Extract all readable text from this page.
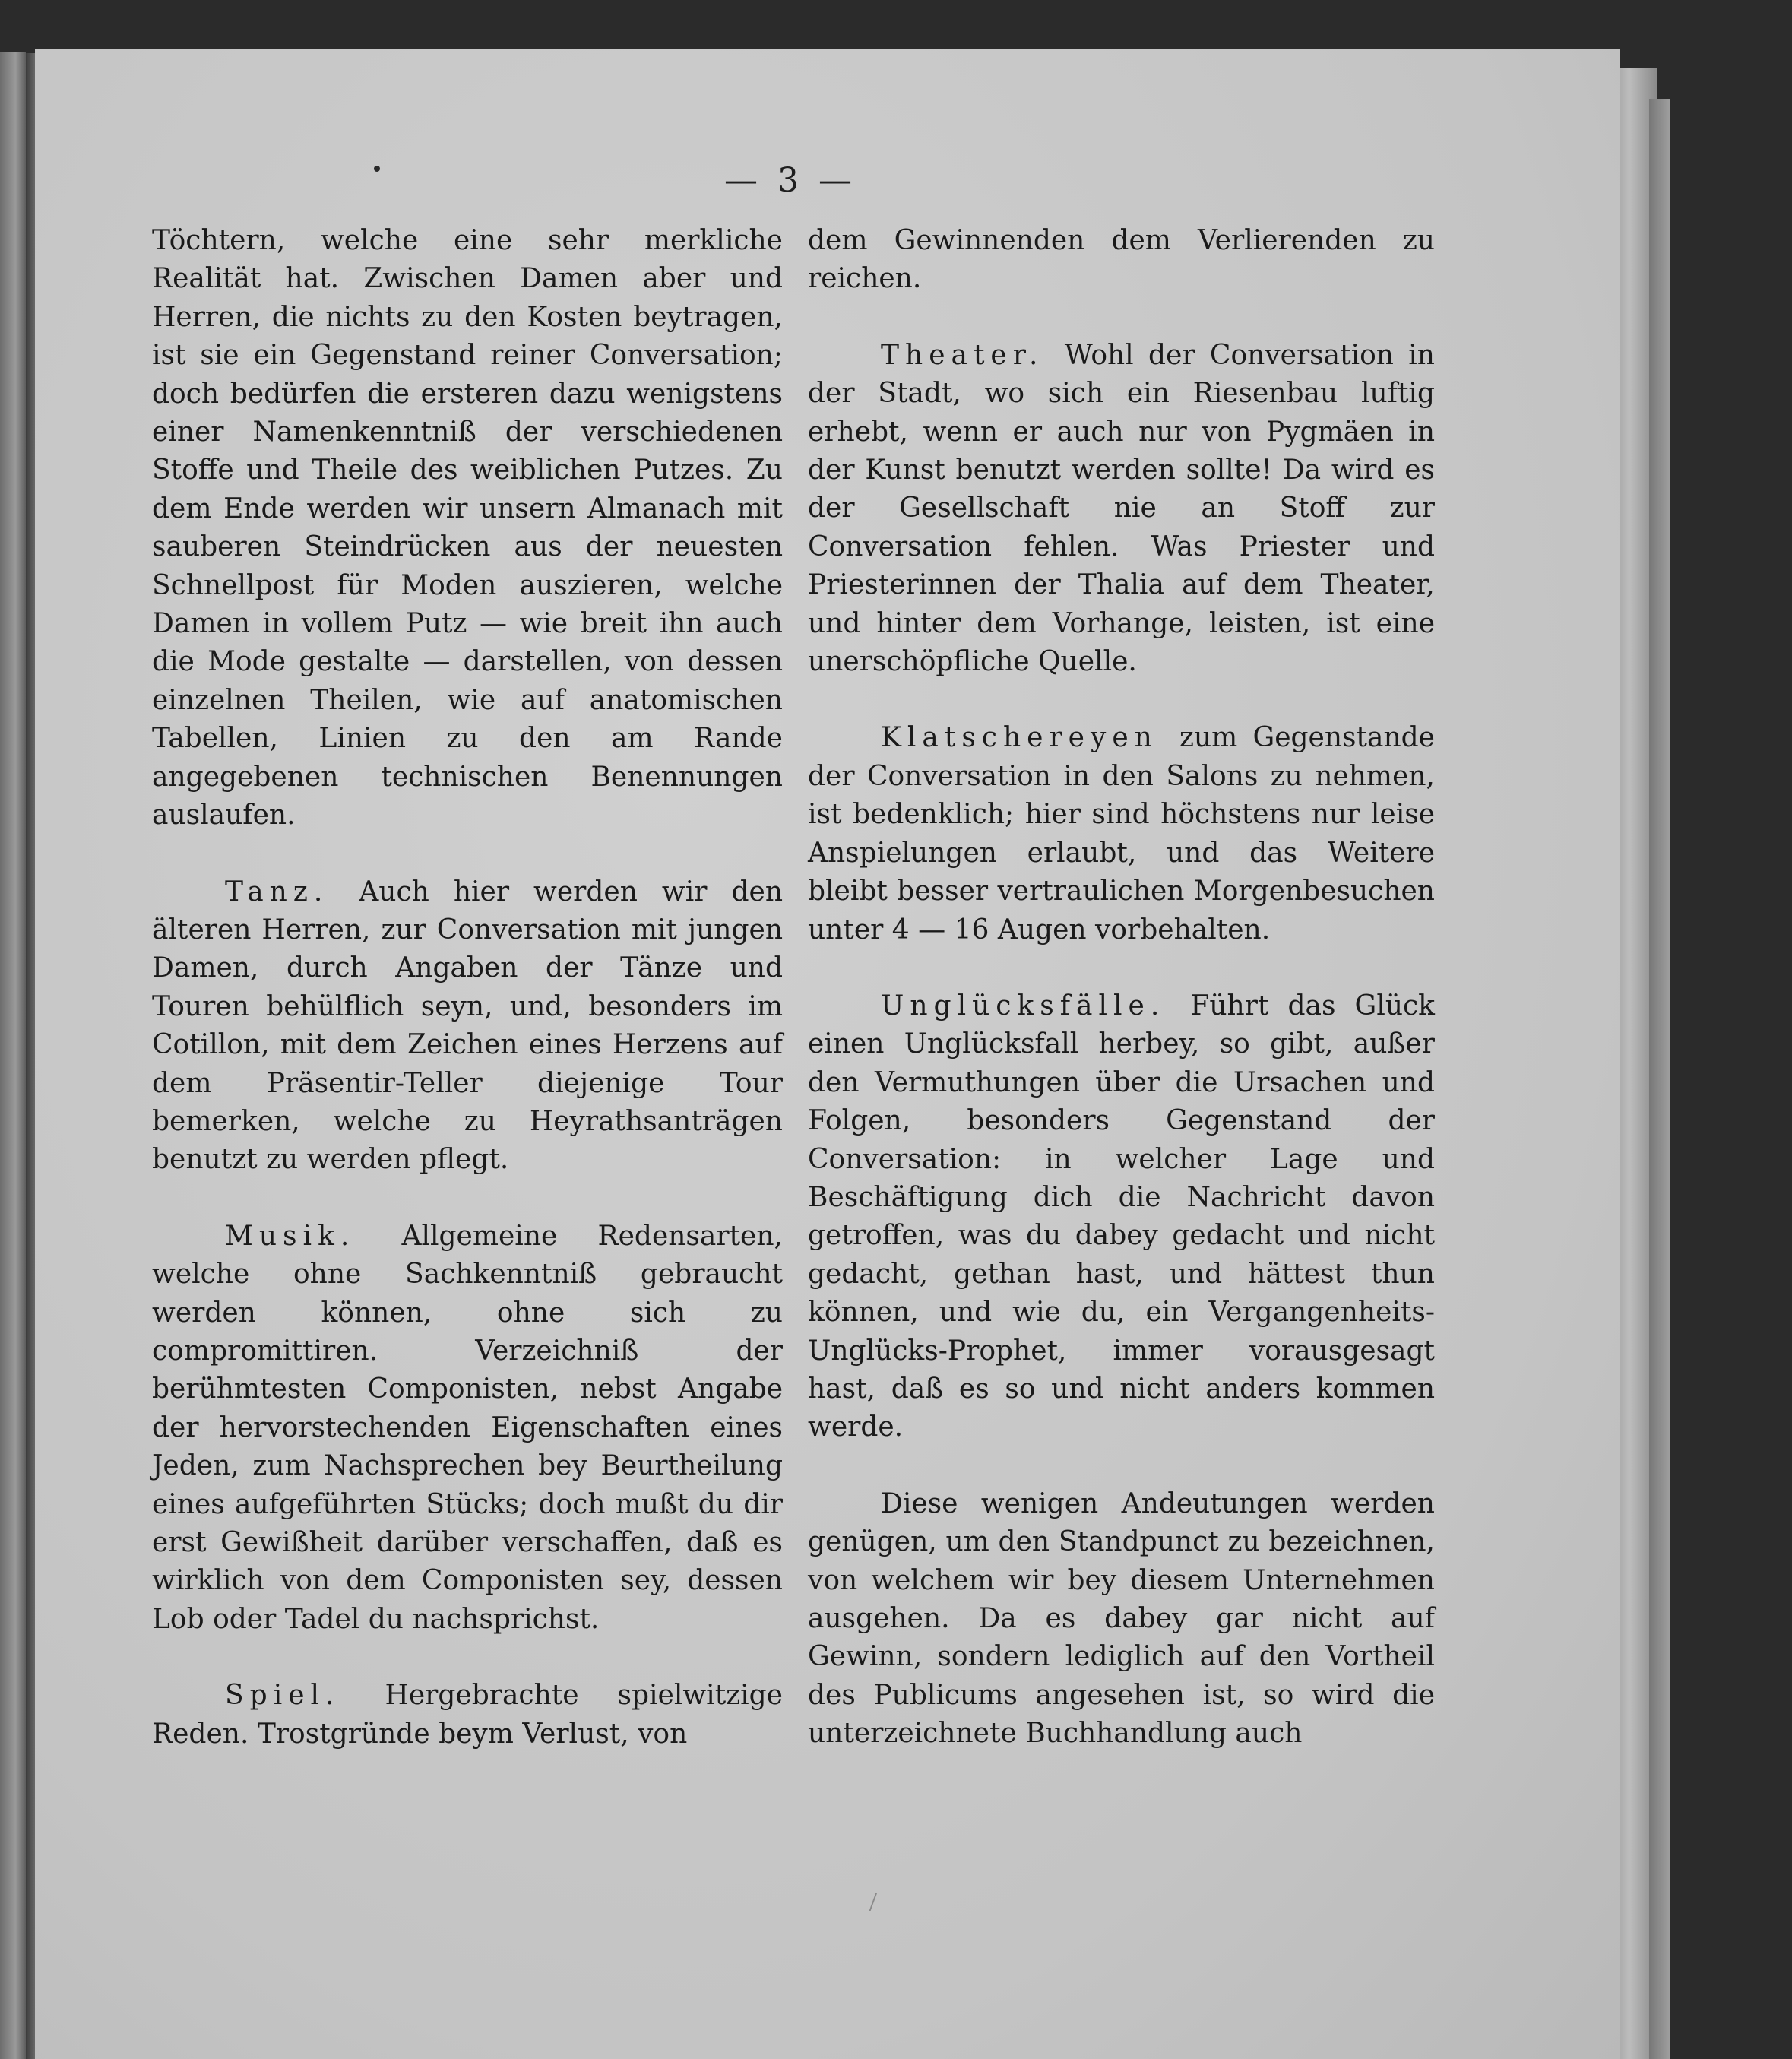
— 3 —

Töchtern, welche eine sehr merkliche Realität hat. Zwischen Damen aber und Herren, die nichts zu den Kosten beytragen, ist sie ein Gegenstand reiner Conversation; doch bedürfen die ersteren dazu wenigstens einer Namenkenntniß der verschiedenen Stoffe und Theile des weiblichen Putzes. Zu dem Ende werden wir unsern Almanach mit sauberen Steindrücken aus der neuesten Schnellpost für Moden auszieren, welche Damen in vollem Putz — wie breit ihn auch die Mode gestalte — darstellen, von dessen einzelnen Theilen, wie auf anatomischen Tabellen, Linien zu den am Rande angegebenen technischen Benennungen auslaufen.

Tanz. Auch hier werden wir den älteren Herren, zur Conversation mit jungen Damen, durch Angaben der Tänze und Touren behülflich seyn, und, besonders im Cotillon, mit dem Zeichen eines Herzens auf dem Präsentir-Teller diejenige Tour bemerken, welche zu Heyrathsanträgen benutzt zu werden pflegt.

Musik. Allgemeine Redensarten, welche ohne Sachkenntniß gebraucht werden können, ohne sich zu compromittiren. Verzeichniß der berühmtesten Componisten, nebst Angabe der hervorstechenden Eigenschaften eines Jeden, zum Nachsprechen bey Beurtheilung eines aufgeführten Stücks; doch mußt du dir erst Gewißheit darüber verschaffen, daß es wirklich von dem Componisten sey, dessen Lob oder Tadel du nachsprichst.

Spiel. Hergebrachte spielwitzige Reden. Trostgründe beym Verlust, von

dem Gewinnenden dem Verlierenden zu reichen.

Theater. Wohl der Conversation in der Stadt, wo sich ein Riesenbau luftig erhebt, wenn er auch nur von Pygmäen in der Kunst benutzt werden sollte! Da wird es der Gesellschaft nie an Stoff zur Conversation fehlen. Was Priester und Priesterinnen der Thalia auf dem Theater, und hinter dem Vorhange, leisten, ist eine unerschöpfliche Quelle.

Klatschereyen zum Gegenstande der Conversation in den Salons zu nehmen, ist bedenklich; hier sind höchstens nur leise Anspielungen erlaubt, und das Weitere bleibt besser vertraulichen Morgenbesuchen unter 4 — 16 Augen vorbehalten.

Unglücksfälle. Führt das Glück einen Unglücksfall herbey, so gibt, außer den Vermuthungen über die Ursachen und Folgen, besonders Gegenstand der Conversation: in welcher Lage und Beschäftigung dich die Nachricht davon getroffen, was du dabey gedacht und nicht gedacht, gethan hast, und hättest thun können, und wie du, ein Vergangenheits-Unglücks-Prophet, immer vorausgesagt hast, daß es so und nicht anders kommen werde.

Diese wenigen Andeutungen werden genügen, um den Standpunct zu bezeichnen, von welchem wir bey diesem Unternehmen ausgehen. Da es dabey gar nicht auf Gewinn, sondern lediglich auf den Vortheil des Publicums angesehen ist, so wird die unterzeichnete Buchhandlung auch
